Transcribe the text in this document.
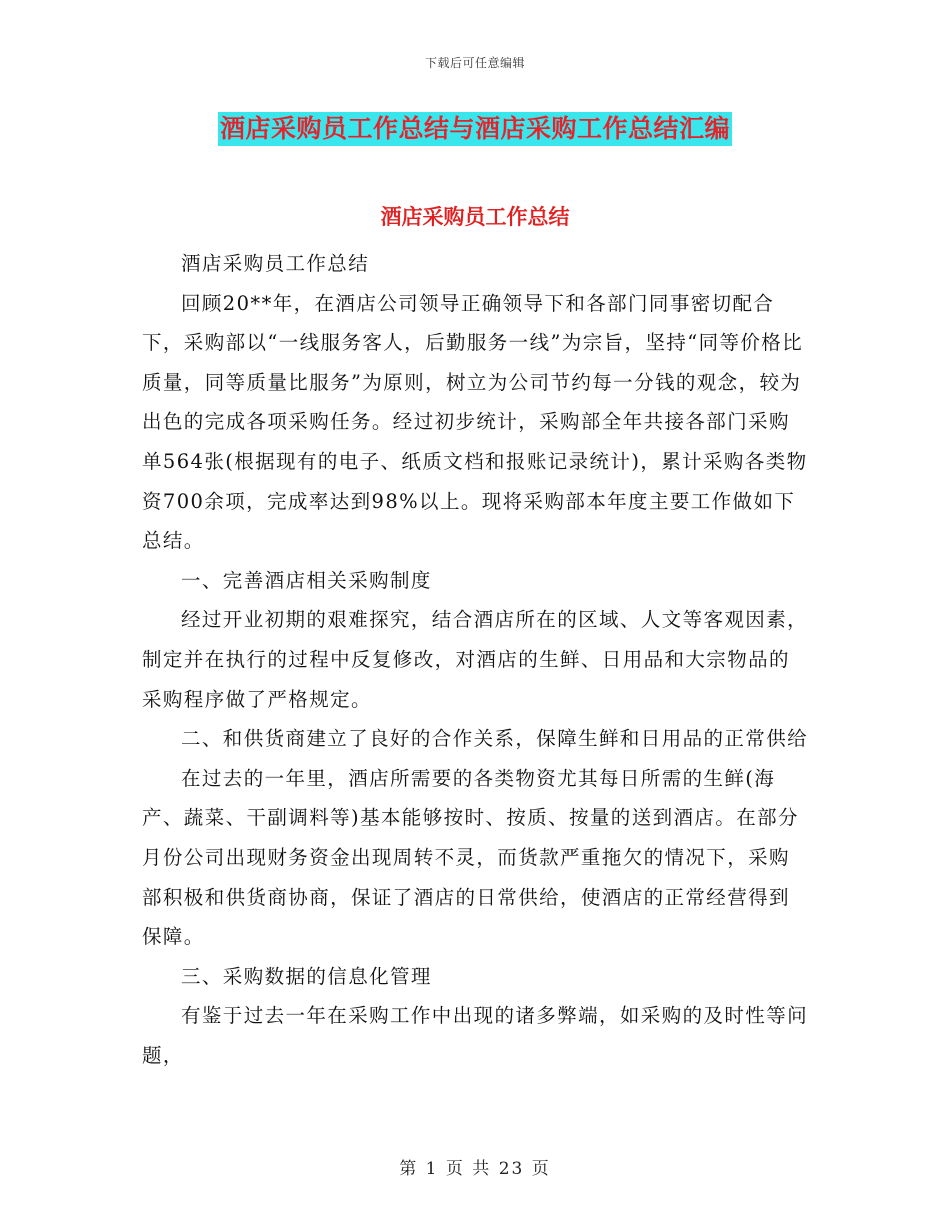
下载后可任意编辑
酒店采购员工作总结与酒店采购工作总结汇编
酒店采购员工作总结

酒店采购员工作总结

回顾20**年，在酒店公司领导正确领导下和各部门同事密切配合下，采购部以“一线服务客人，后勤服务一线”为宗旨，坚持“同等价格比质量，同等质量比服务”为原则，树立为公司节约每一分钱的观念，较为出色的完成各项采购任务。经过初步统计，采购部全年共接各部门采购单564张(根据现有的电子、纸质文档和报账记录统计)，累计采购各类物资700余项，完成率达到98%以上。现将采购部本年度主要工作做如下总结。

一、完善酒店相关采购制度

经过开业初期的艰难探究，结合酒店所在的区域、人文等客观因素，制定并在执行的过程中反复修改，对酒店的生鲜、日用品和大宗物品的采购程序做了严格规定。

二、和供货商建立了良好的合作关系，保障生鲜和日用品的正常供给

在过去的一年里，酒店所需要的各类物资尤其每日所需的生鲜(海产、蔬菜、干副调料等)基本能够按时、按质、按量的送到酒店。在部分月份公司出现财务资金出现周转不灵，而货款严重拖欠的情况下，采购部积极和供货商协商，保证了酒店的日常供给，使酒店的正常经营得到保障。

三、采购数据的信息化管理

有鉴于过去一年在采购工作中出现的诸多弊端，如采购的及时性等问题，

第 1 页 共 23 页
